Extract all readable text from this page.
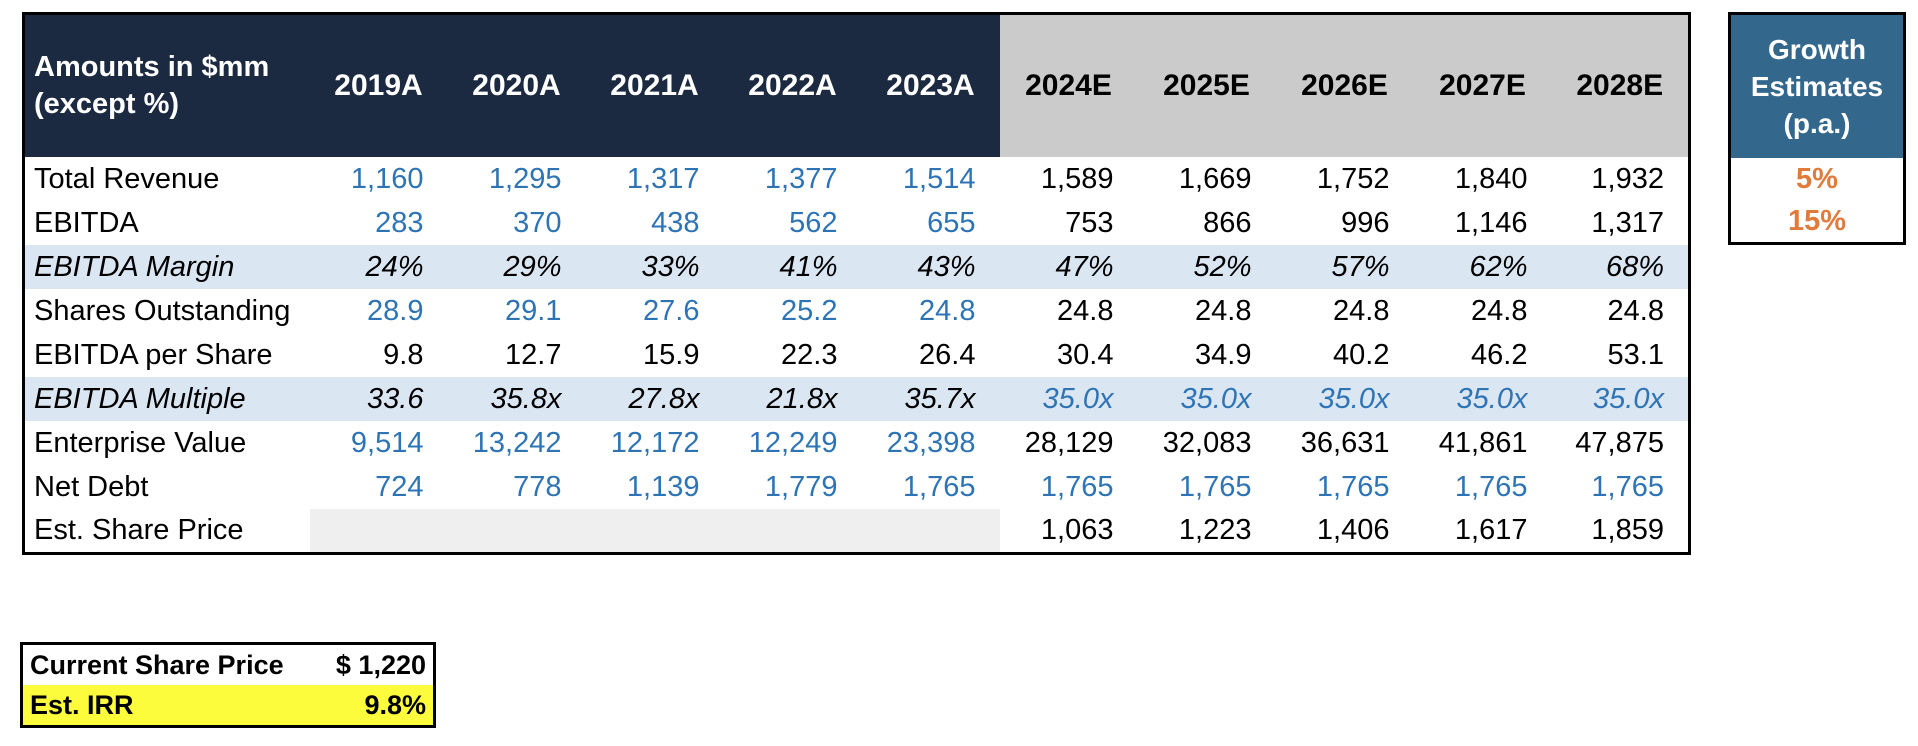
Amounts in $mm
(except %)	2019A	2020A	2021A	2022A	2023A	2024E	2025E	2026E	2027E	2028E
Total Revenue	1,160	1,295	1,317	1,377	1,514	1,589	1,669	1,752	1,840	1,932
EBITDA	283	370	438	562	655	753	866	996	1,146	1,317
EBITDA Margin	24%	29%	33%	41%	43%	47%	52%	57%	62%	68%
Shares Outstanding	28.9	29.1	27.6	25.2	24.8	24.8	24.8	24.8	24.8	24.8
EBITDA per Share	9.8	12.7	15.9	22.3	26.4	30.4	34.9	40.2	46.2	53.1
EBITDA Multiple	33.6	35.8x	27.8x	21.8x	35.7x	35.0x	35.0x	35.0x	35.0x	35.0x
Enterprise Value	9,514	13,242	12,172	12,249	23,398	28,129	32,083	36,631	41,861	47,875
Net Debt	724	778	1,139	1,779	1,765	1,765	1,765	1,765	1,765	1,765
Est. Share Price						1,063	1,223	1,406	1,617	1,859
Growth
Estimates
(p.a.)
5%
15%
Current Share Price $ 1,220
Est. IRR	9.8%
